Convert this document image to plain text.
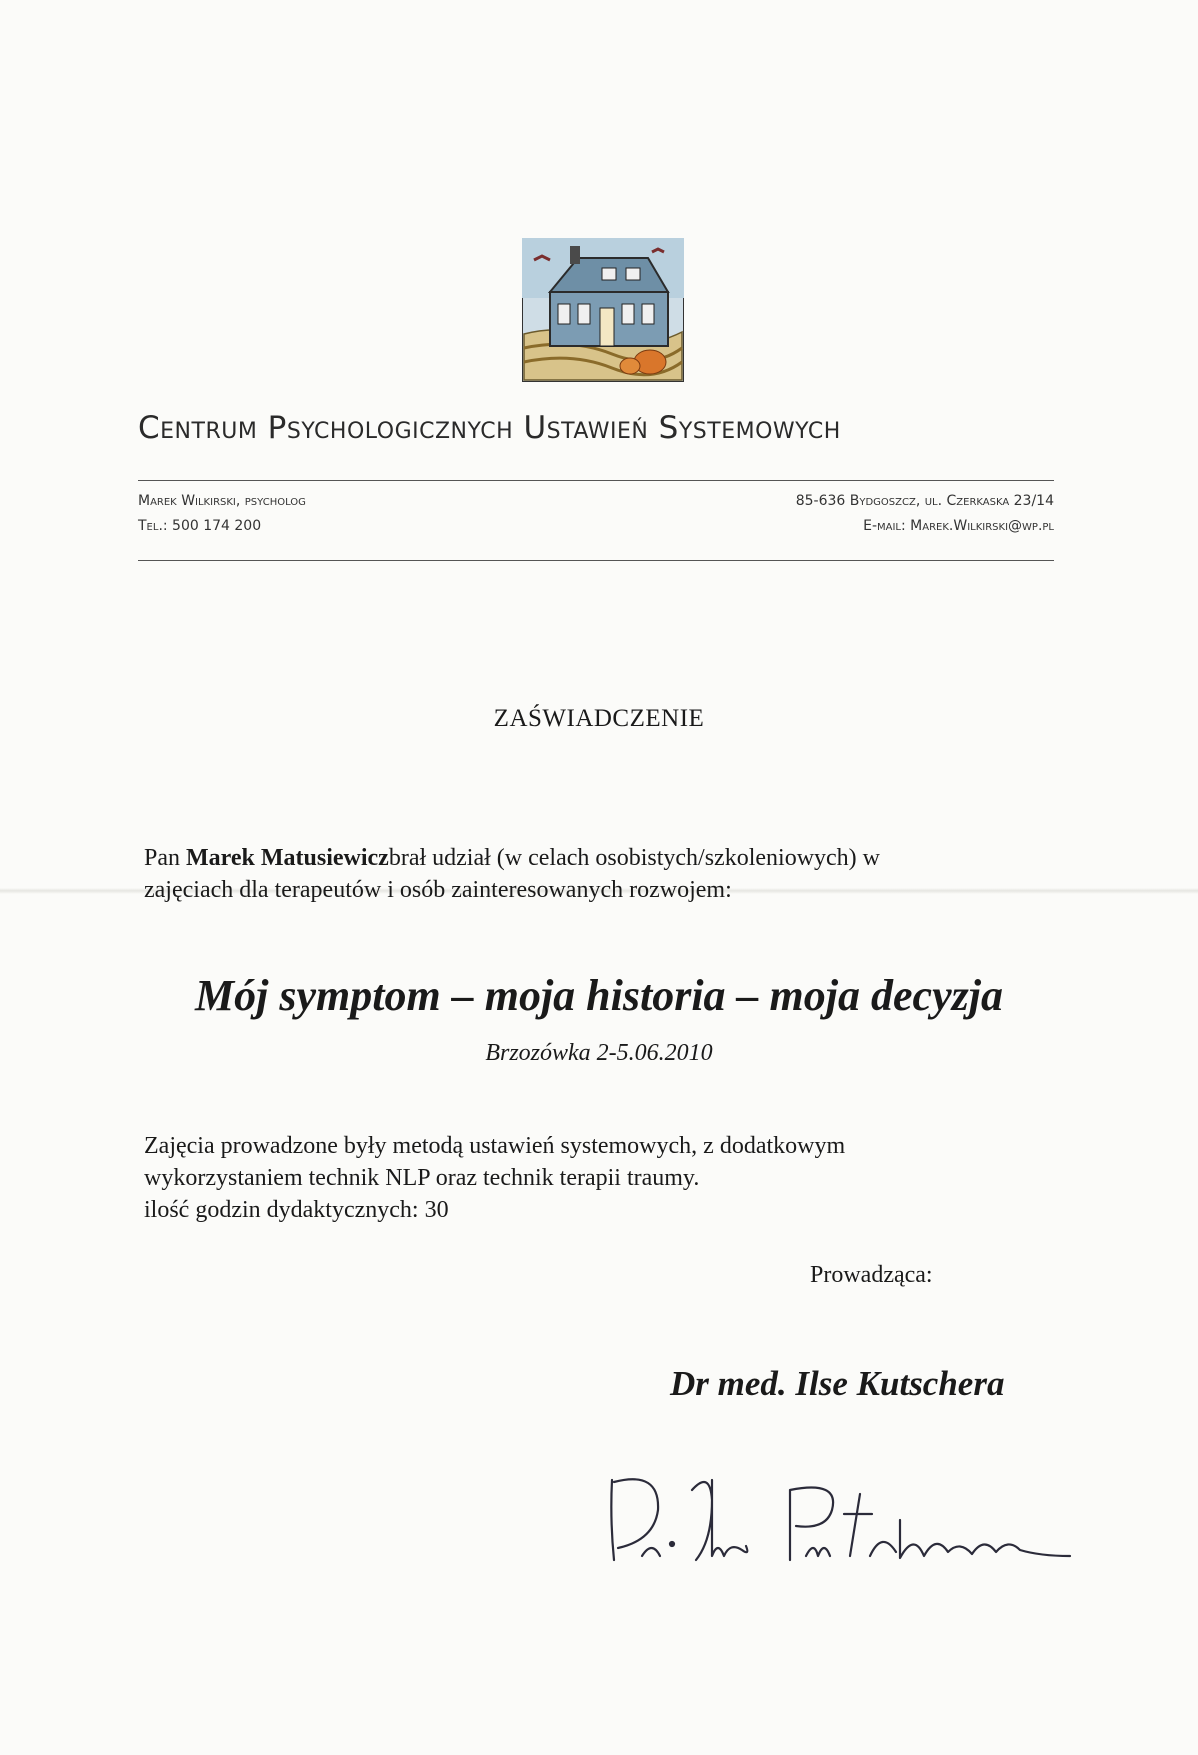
Centrum Psychologicznych Ustawień Systemowych
Marek Wilkirski, psycholog
Tel.: 500 174 200
85-636 Bydgoszcz, ul. Czerkaska 23/14
E-mail: Marek.Wilkirski@wp.pl
ZAŚWIADCZENIE
Pan Marek Matusiewiczbrał udział (w celach osobistych/szkoleniowych) w
zajęciach dla terapeutów i osób zainteresowanych rozwojem:
Mój symptom – moja historia – moja decyzja
Brzozówka 2-5.06.2010
Zajęcia prowadzone były metodą ustawień systemowych, z dodatkowym
wykorzystaniem technik NLP oraz technik terapii traumy.
ilość godzin dydaktycznych: 30
Prowadząca:
Dr med. Ilse Kutschera
